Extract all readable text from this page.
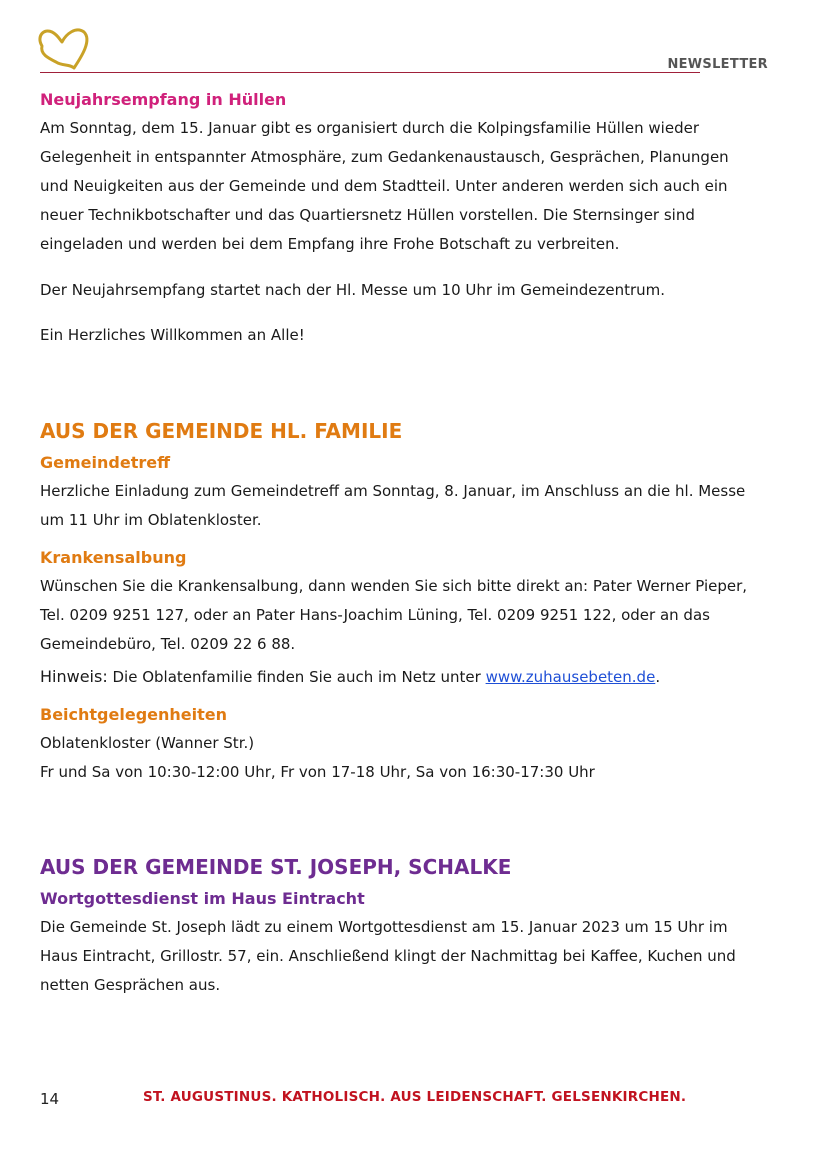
NEWSLETTER
Neujahrsempfang in Hüllen

Am Sonntag, dem 15. Januar gibt es organisiert durch die Kolpingsfamilie Hüllen wieder Gelegenheit in entspannter Atmosphäre, zum Gedankenaustausch, Gesprächen, Planungen und Neuigkeiten aus der Gemeinde und dem Stadtteil. Unter anderen werden sich auch ein neuer Technikbotschafter und das Quartiersnetz Hüllen vorstellen. Die Sternsinger sind eingeladen und werden bei dem Empfang ihre Frohe Botschaft zu verbreiten.

Der Neujahrsempfang startet nach der Hl. Messe um 10 Uhr im Gemeindezentrum.

Ein Herzliches Willkommen an Alle!

AUS DER GEMEINDE HL. FAMILIE
Gemeindetreff

Herzliche Einladung zum Gemeindetreff am Sonntag, 8. Januar, im Anschluss an die hl. Messe um 11 Uhr im Oblatenkloster.

Krankensalbung

Wünschen Sie die Krankensalbung, dann wenden Sie sich bitte direkt an: Pater Werner Pieper, Tel. 0209 9251 127, oder an Pater Hans-Joachim Lüning, Tel. 0209 9251 122, oder an das Gemeindebüro, Tel. 0209 22 6 88.

Hinweis: Die Oblatenfamilie finden Sie auch im Netz unter www.zuhausebeten.de.

Beichtgelegenheiten

Oblatenkloster (Wanner Str.)

Fr und Sa von 10:30-12:00 Uhr, Fr von 17-18 Uhr, Sa von 16:30-17:30 Uhr

AUS DER GEMEINDE ST. JOSEPH, SCHALKE
Wortgottesdienst im Haus Eintracht

Die Gemeinde St. Joseph lädt zu einem Wortgottesdienst am 15. Januar 2023 um 15 Uhr im Haus Eintracht, Grillostr. 57, ein. Anschließend klingt der Nachmittag bei Kaffee, Kuchen und netten Gesprächen aus.

14	ST. AUGUSTINUS. KATHOLISCH. AUS LEIDENSCHAFT. GELSENKIRCHEN.
